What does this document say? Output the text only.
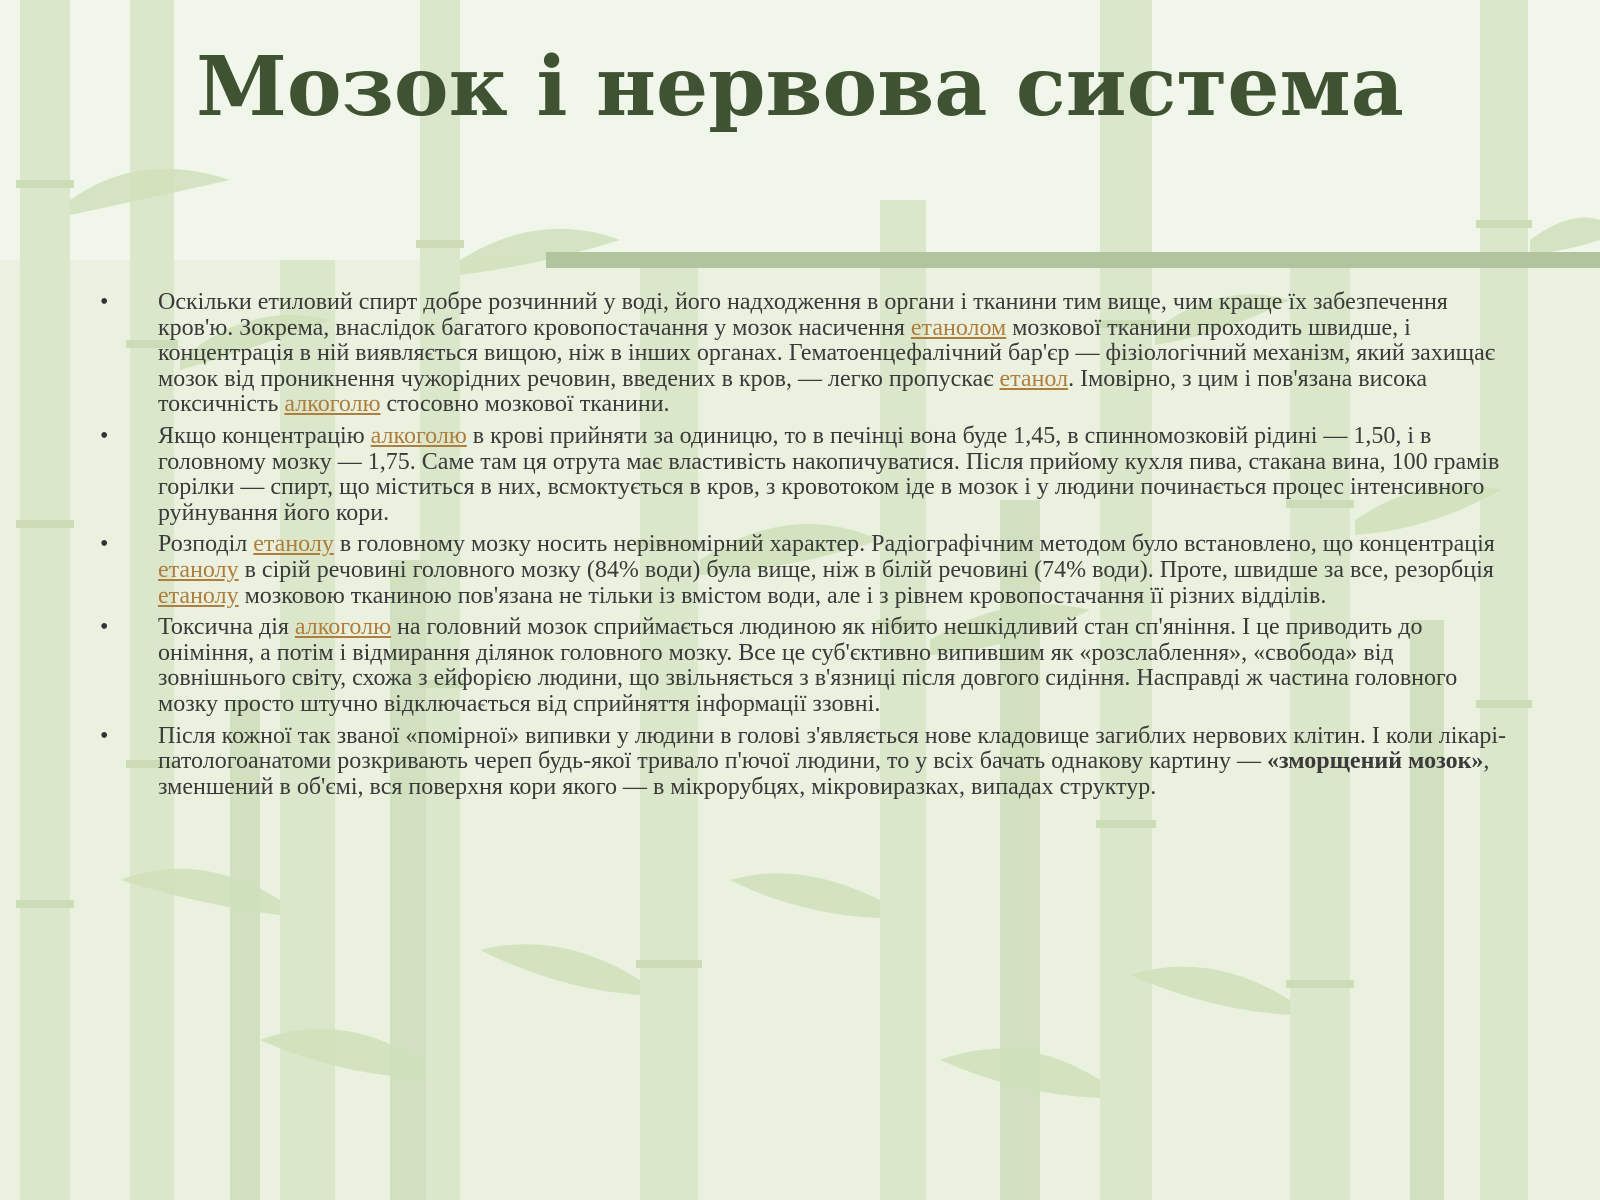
Мозок і нервова система
• Оскільки етиловий спирт добре розчинний у воді, його надходження в органи і тканини тим вище, чим краще їх забезпечення кров'ю. Зокрема, внаслідок багатого кровопостачання у мозок насичення етанолом мозкової тканини проходить швидше, і концентрація в ній виявляється вищою, ніж в інших органах. Гематоенцефалічний бар'єр — фізіологічний механізм, який захищає мозок від проникнення чужорідних речовин, введених в кров, — легко пропускає етанол. Імовірно, з цим і пов'язана висока токсичність алкоголю стосовно мозкової тканини.
• Якщо концентрацію алкоголю в крові прийняти за одиницю, то в печінці вона буде 1,45, в спинномозковій рідині — 1,50, і в головному мозку — 1,75. Саме там ця отрута має властивість накопичуватися. Після прийому кухля пива, стакана вина, 100 грамів горілки — спирт, що міститься в них, всмоктується в кров, з кровотоком іде в мозок і у людини починається процес інтенсивного руйнування його кори.
• Розподіл етанолу в головному мозку носить нерівномірний характер. Радіографічним методом було встановлено, що концентрація етанолу в сірій речовині головного мозку (84% води) була вище, ніж в білій речовині (74% води). Проте, швидше за все, резорбція етанолу мозковою тканиною пов'язана не тільки із вмістом води, але і з рівнем кровопостачання її різних відділів.
• Токсична дія алкоголю на головний мозок сприймається людиною як нібито нешкідливий стан сп'яніння. І це приводить до оніміння, а потім і відмирання ділянок головного мозку. Все це суб'єктивно випившим як «розслаблення», «свобода» від зовнішнього світу, схожа з ейфорією людини, що звільняється з в'язниці після довгого сидіння. Насправді ж частина головного мозку просто штучно відключається від сприйняття інформації ззовні.
• Після кожної так званої «помірної» випивки у людини в голові з'являється нове кладовище загиблих нервових клітин. І коли лікарі-патологоанатоми розкривають череп будь-якої тривало п'ючої людини, то у всіх бачать однакову картину — «зморщений мозок», зменшений в об'ємі, вся поверхня кори якого — в мікрорубцях, мікровиразках, випадах структур.
